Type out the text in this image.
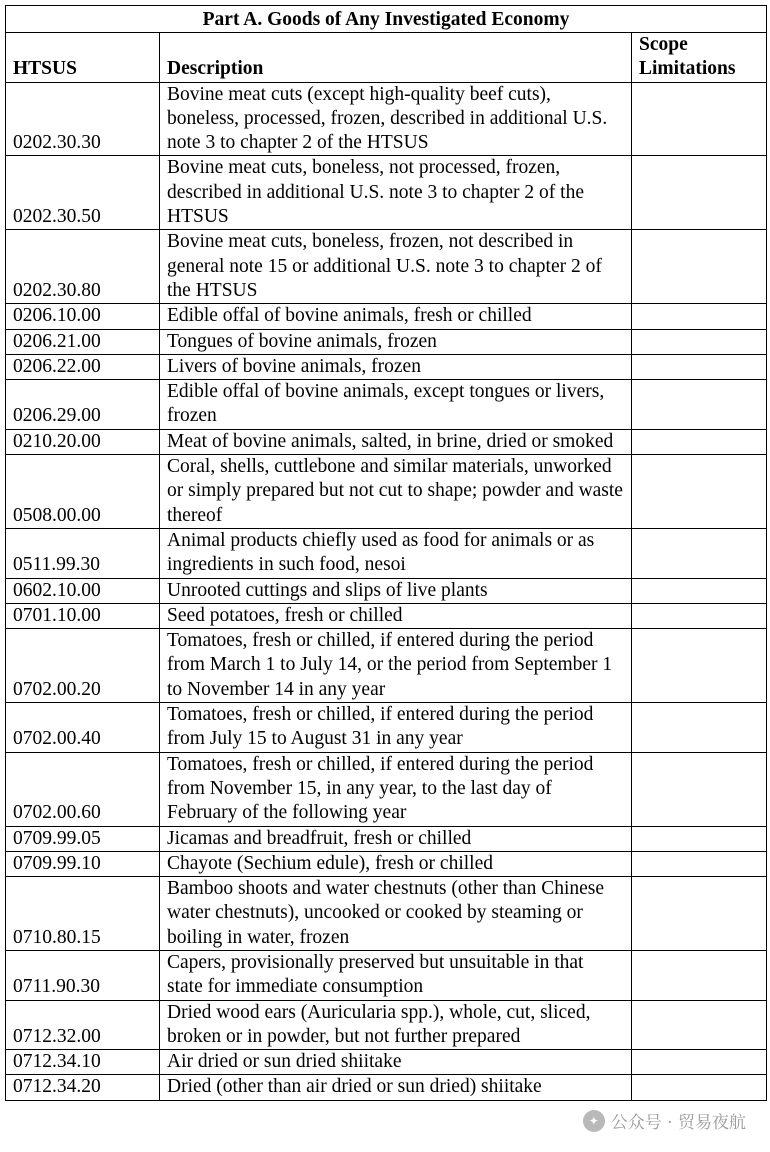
Part A. Goods of Any Investigated Economy		
HTSUS	Description	Scope Limitations
0202.30.30	Bovine meat cuts (except high-quality beef cuts), boneless, processed, frozen, described in additional U.S. note 3 to chapter 2 of the HTSUS	
0202.30.50	Bovine meat cuts, boneless, not processed, frozen, described in additional U.S. note 3 to chapter 2 of the HTSUS	
0202.30.80	Bovine meat cuts, boneless, frozen, not described in general note 15 or additional U.S. note 3 to chapter 2 of the HTSUS	
0206.10.00	Edible offal of bovine animals, fresh or chilled	
0206.21.00	Tongues of bovine animals, frozen	
0206.22.00	Livers of bovine animals, frozen	
0206.29.00	Edible offal of bovine animals, except tongues or livers, frozen	
0210.20.00	Meat of bovine animals, salted, in brine, dried or smoked	
0508.00.00	Coral, shells, cuttlebone and similar materials, unworked or simply prepared but not cut to shape; powder and waste thereof	
0511.99.30	Animal products chiefly used as food for animals or as ingredients in such food, nesoi	
0602.10.00	Unrooted cuttings and slips of live plants	
0701.10.00	Seed potatoes, fresh or chilled	
0702.00.20	Tomatoes, fresh or chilled, if entered during the period from March 1 to July 14, or the period from September 1 to November 14 in any year	
0702.00.40	Tomatoes, fresh or chilled, if entered during the period from July 15 to August 31 in any year	
0702.00.60	Tomatoes, fresh or chilled, if entered during the period from November 15, in any year, to the last day of February of the following year	
0709.99.05	Jicamas and breadfruit, fresh or chilled	
0709.99.10	Chayote (Sechium edule), fresh or chilled	
0710.80.15	Bamboo shoots and water chestnuts (other than Chinese water chestnuts), uncooked or cooked by steaming or boiling in water, frozen	
0711.90.30	Capers, provisionally preserved but unsuitable in that state for immediate consumption	
0712.32.00	Dried wood ears (Auricularia spp.), whole, cut, sliced, broken or in powder, but not further prepared	
0712.34.10	Air dried or sun dried shiitake	
0712.34.20	Dried (other than air dried or sun dried) shiitake	
✦ 公众号 · 贸易夜航
